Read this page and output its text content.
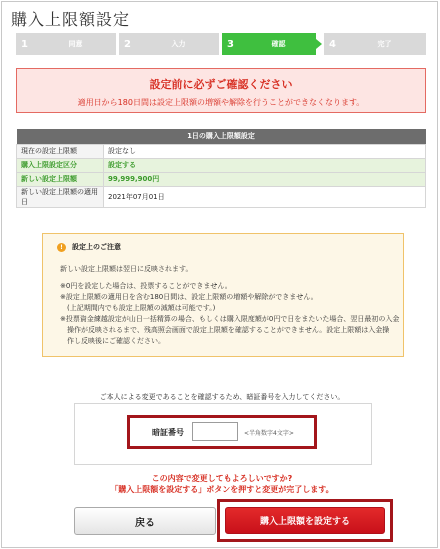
購入上限額設定
1	同意	2	入力	3	確認	4	完了
設定前に必ずご確認ください
適用日から180日間は設定上限額の増額や解除を行うことができなくなります。
1日の購入上限額設定	
現在の設定上限額	設定なし
購入上限設定区分	設定する
新しい設定上限額	99,999,900円
新しい設定上限額の適用日	2021年07月01日
!	設定上のご注意
新しい設定上限額は翌日に反映されます。
※0円を設定した場合は、投票することができません。
※設定上限額の適用日を含む180日間は、設定上限額の増額や解除ができません。
　(上記期間内でも設定上限額の減額は可能です。)
※投票資金練越設定が山日一括精算の場合、もしくは購入限度額が0円で日をまたいた場合、翌日最初の入金
　操作が反映されるまで、残高照会画面で設定上限額を確認することができません。設定上限額は入金操
　作し反映後にご確認ください。
ご本人による変更であることを確認するため、暗証番号を入力してください。
暗証番号	<半角数字4文字>
この内容で変更してもよろしいですか?
「購入上限額を設定する」ボタンを押すと変更が完了します。
戻る	購入上限額を設定する
